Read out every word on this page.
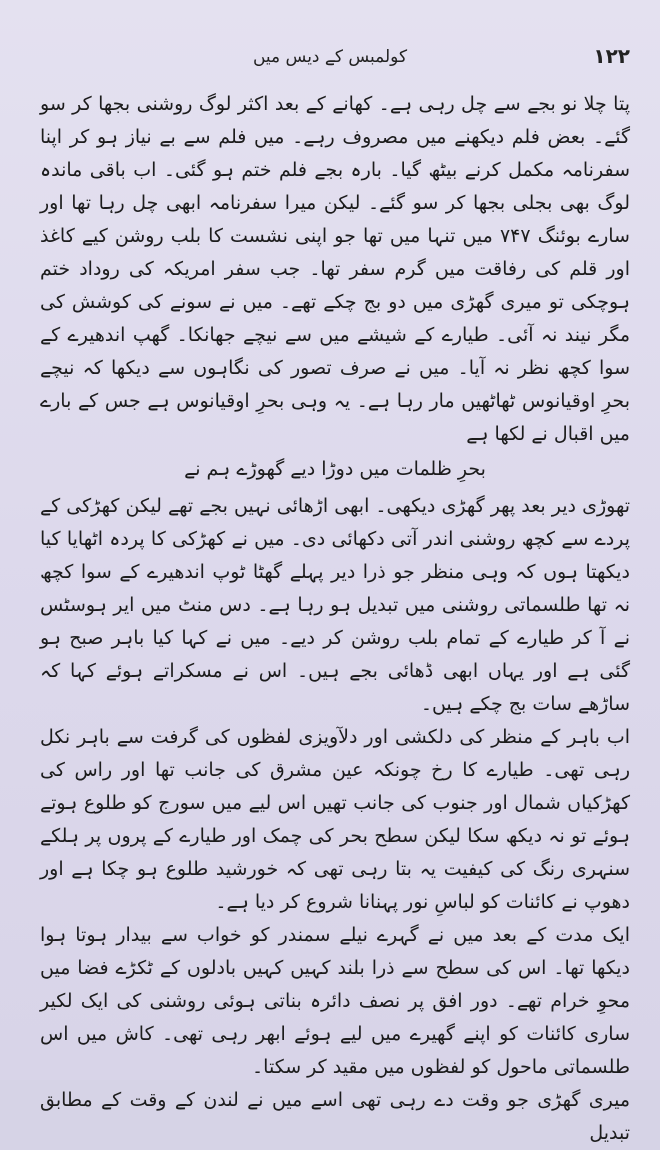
۱۲۲
کولمبس کے دیس میں

پتا چلا نو بجے سے چل رہی ہے۔ کھانے کے بعد اکثر لوگ روشنی بجھا کر سو گئے۔ بعض فلم دیکھنے میں مصروف رہے۔ میں فلم سے بے نیاز ہو کر اپنا سفرنامہ مکمل کرنے بیٹھ گیا۔ بارہ بجے فلم ختم ہو گئی۔ اب باقی ماندہ لوگ بھی بجلی بجھا کر سو گئے۔ لیکن میرا سفرنامہ ابھی چل رہا تھا اور سارے بوئنگ ۷۴۷ میں تنہا میں تھا جو اپنی نشست کا بلب روشن کیے کاغذ اور قلم کی رفاقت میں گرم سفر تھا۔ جب سفر امریکہ کی روداد ختم ہوچکی تو میری گھڑی میں دو بج چکے تھے۔ میں نے سونے کی کوشش کی مگر نیند نہ آئی۔ طیارے کے شیشے میں سے نیچے جھانکا۔ گھپ اندھیرے کے سوا کچھ نظر نہ آیا۔ میں نے صرف تصور کی نگاہوں سے دیکھا کہ نیچے بحرِ اوقیانوس ٹھاٹھیں مار رہا ہے۔ یہ وہی بحرِ اوقیانوس ہے جس کے بارے میں اقبال نے لکھا ہے

بحرِ ظلمات میں دوڑا دیے گھوڑے ہم نے

تھوڑی دیر بعد پھر گھڑی دیکھی۔ ابھی اڑھائی نہیں بجے تھے لیکن کھڑکی کے پردے سے کچھ روشنی اندر آتی دکھائی دی۔ میں نے کھڑکی کا پردہ اٹھایا کیا دیکھتا ہوں کہ وہی منظر جو ذرا دیر پہلے گھٹا ٹوپ اندھیرے کے سوا کچھ نہ تھا طلسماتی روشنی میں تبدیل ہو رہا ہے۔ دس منٹ میں ایر ہوسٹس نے آ کر طیارے کے تمام بلب روشن کر دیے۔ میں نے کہا کیا باہر صبح ہو گئی ہے اور یہاں ابھی ڈھائی بجے ہیں۔ اس نے مسکراتے ہوئے کہا کہ ساڑھے سات بج چکے ہیں۔

اب باہر کے منظر کی دلکشی اور دلآویزی لفظوں کی گرفت سے باہر نکل رہی تھی۔ طیارے کا رخ چونکہ عین مشرق کی جانب تھا اور راس کی کھڑکیاں شمال اور جنوب کی جانب تھیں اس لیے میں سورج کو طلوع ہوتے ہوئے تو نہ دیکھ سکا لیکن سطح بحر کی چمک اور طیارے کے پروں پر ہلکے سنہری رنگ کی کیفیت یہ بتا رہی تھی کہ خورشید طلوع ہو چکا ہے اور دھوپ نے کائنات کو لباسِ نور پہنانا شروع کر دیا ہے۔

ایک مدت کے بعد میں نے گہرے نیلے سمندر کو خواب سے بیدار ہوتا ہوا دیکھا تھا۔ اس کی سطح سے ذرا بلند کہیں کہیں بادلوں کے ٹکڑے فضا میں محوِ خرام تھے۔ دور افق پر نصف دائرہ بناتی ہوئی روشنی کی ایک لکیر ساری کائنات کو اپنے گھیرے میں لیے ہوئے ابھر رہی تھی۔ کاش میں اس طلسماتی ماحول کو لفظوں میں مقید کر سکتا۔

میری گھڑی جو وقت دے رہی تھی اسے میں نے لندن کے وقت کے مطابق تبدیل
